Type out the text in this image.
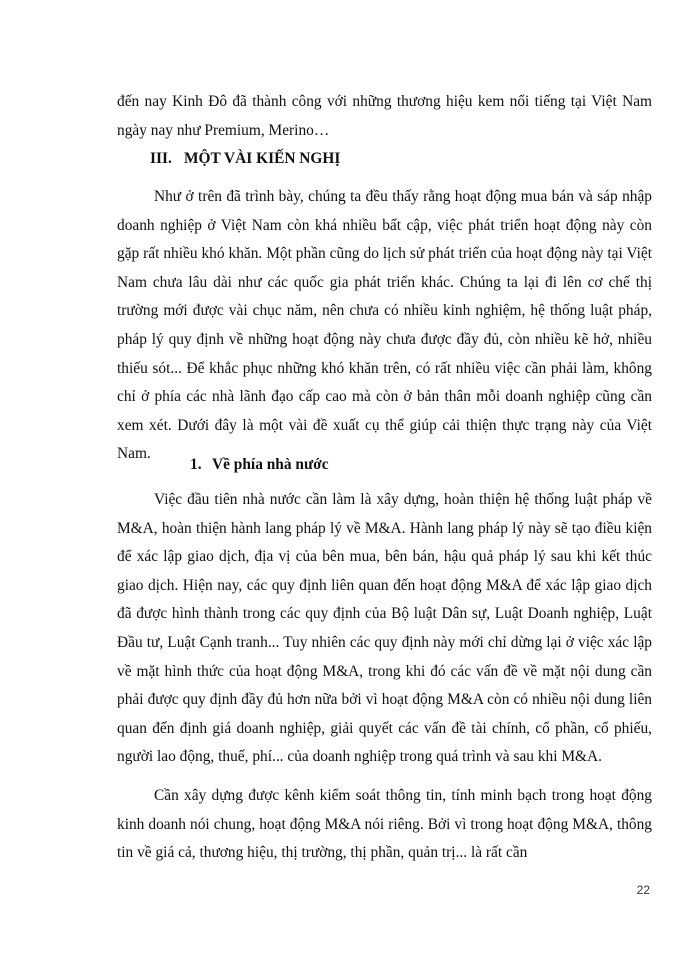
đến nay Kinh Đô đã thành công với những thương hiệu kem nổi tiếng tại Việt Nam ngày nay như Premium, Merino…

III. MỘT VÀI KIẾN NGHỊ

Như ở trên đã trình bày, chúng ta đều thấy rằng hoạt động mua bán và sáp nhập doanh nghiệp ở Việt Nam còn khá nhiều bất cập, việc phát triển hoạt động này còn gặp rất nhiều khó khăn. Một phần cũng do lịch sử phát triển của hoạt động này tại Việt Nam chưa lâu dài như các quốc gia phát triển khác. Chúng ta lại đi lên cơ chế thị trường mới được vài chục năm, nên chưa có nhiều kinh nghiệm, hệ thống luật pháp, pháp lý quy định về những hoạt động này chưa được đầy đủ, còn nhiều kẽ hở, nhiều thiếu sót... Để khắc phục những khó khăn trên, có rất nhiều việc cần phải làm, không chỉ ở phía các nhà lãnh đạo cấp cao mà còn ở bản thân mỗi doanh nghiệp cũng cần xem xét. Dưới đây là một vài đề xuất cụ thể giúp cải thiện thực trạng này của Việt Nam.

1. Về phía nhà nước

Việc đầu tiên nhà nước cần làm là xây dựng, hoàn thiện hệ thống luật pháp về M&A, hoàn thiện hành lang pháp lý về M&A. Hành lang pháp lý này sẽ tạo điều kiện để xác lập giao dịch, địa vị của bên mua, bên bán, hậu quả pháp lý sau khi kết thúc giao dịch. Hiện nay, các quy định liên quan đến hoạt động M&A để xác lập giao dịch đã được hình thành trong các quy định của Bộ luật Dân sự, Luật Doanh nghiệp, Luật Đầu tư, Luật Cạnh tranh... Tuy nhiên các quy định này mới chỉ dừng lại ở việc xác lập về mặt hình thức của hoạt động M&A, trong khi đó các vấn đề về mặt nội dung cần phải được quy định đầy đủ hơn nữa bởi vì hoạt động M&A còn có nhiều nội dung liên quan đến định giá doanh nghiệp, giải quyết các vấn đề tài chính, cổ phần, cổ phiếu, người lao động, thuế, phí... của doanh nghiệp trong quá trình và sau khi M&A.

Cần xây dựng được kênh kiểm soát thông tin, tính minh bạch trong hoạt động kinh doanh nói chung, hoạt động M&A nói riêng. Bởi vì trong hoạt động M&A, thông tin về giá cả, thương hiệu, thị trường, thị phần, quản trị... là rất cần

22
